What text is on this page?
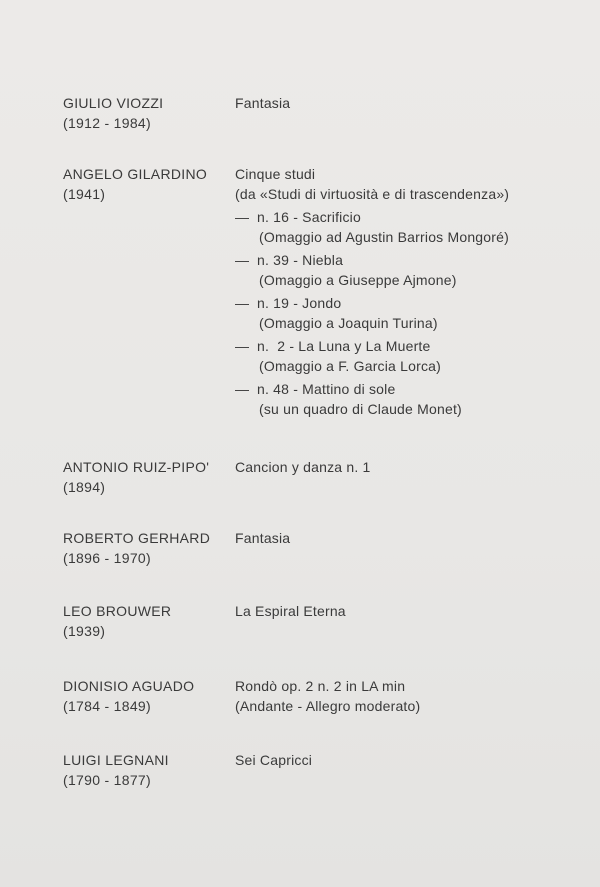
GIULIO VIOZZI
(1912 - 1984)
Fantasia
ANGELO GILARDINO
(1941)
Cinque studi
(da «Studi di virtuosità e di trascendenza»)
— n. 16 - Sacrificio
(Omaggio ad Agustin Barrios Mongoré)
— n. 39 - Niebla
(Omaggio a Giuseppe Ajmone)
— n. 19 - Jondo
(Omaggio a Joaquin Turina)
— n.  2 - La Luna y La Muerte
(Omaggio a F. Garcia Lorca)
— n. 48 - Mattino di sole
(su un quadro di Claude Monet)
ANTONIO RUIZ-PIPO'
(1894)
Cancion y danza n. 1
ROBERTO GERHARD
(1896 - 1970)
Fantasia
LEO BROUWER
(1939)
La Espiral Eterna
DIONISIO AGUADO
(1784 - 1849)
Rondò op. 2 n. 2 in LA min
(Andante - Allegro moderato)
LUIGI LEGNANI
(1790 - 1877)
Sei Capricci
